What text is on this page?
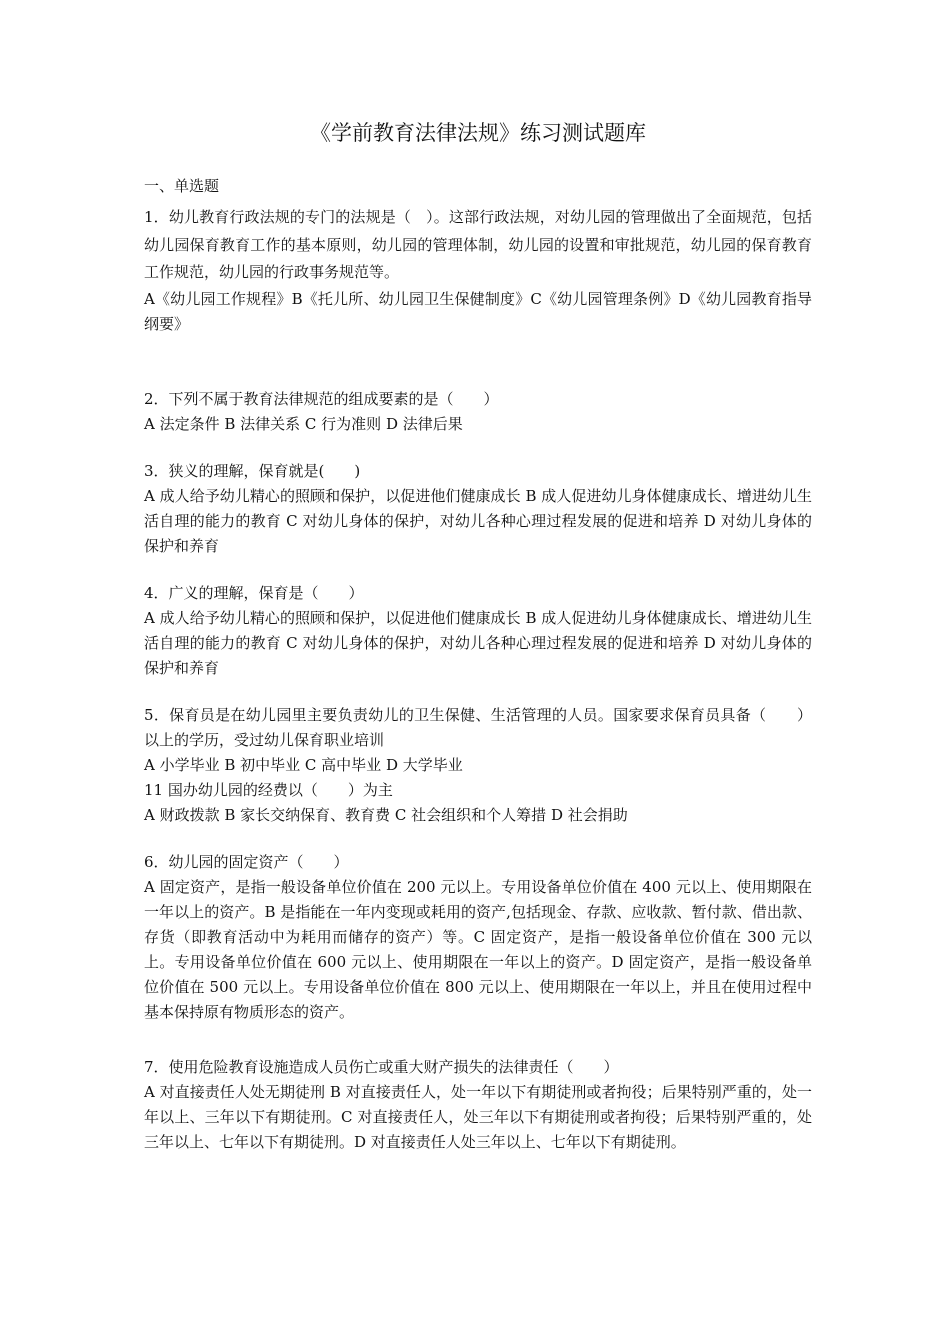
《学前教育法律法规》练习测试题库

一、单选题

1．幼儿教育行政法规的专门的法规是（　）。这部行政法规，对幼儿园的管理做出了全面规范，包括幼儿园保育教育工作的基本原则，幼儿园的管理体制，幼儿园的设置和审批规范，幼儿园的保育教育工作规范，幼儿园的行政事务规范等。

A《幼儿园工作规程》B《托儿所、幼儿园卫生保健制度》C《幼儿园管理条例》D《幼儿园教育指导纲要》

2．下列不属于教育法律规范的组成要素的是（　　）

A 法定条件 B 法律关系 C 行为准则 D 法律后果

3．狭义的理解，保育就是(　　)

A 成人给予幼儿精心的照顾和保护，以促进他们健康成长 B 成人促进幼儿身体健康成长、增进幼儿生活自理的能力的教育 C 对幼儿身体的保护，对幼儿各种心理过程发展的促进和培养 D 对幼儿身体的保护和养育

4．广义的理解，保育是（　　）

A 成人给予幼儿精心的照顾和保护，以促进他们健康成长 B 成人促进幼儿身体健康成长、增进幼儿生活自理的能力的教育 C 对幼儿身体的保护，对幼儿各种心理过程发展的促进和培养 D 对幼儿身体的保护和养育

5．保育员是在幼儿园里主要负责幼儿的卫生保健、生活管理的人员。国家要求保育员具备（　　）以上的学历，受过幼儿保育职业培训

A 小学毕业 B 初中毕业 C 高中毕业 D 大学毕业

11 国办幼儿园的经费以（　　）为主

A 财政拨款 B 家长交纳保育、教育费 C 社会组织和个人筹措 D 社会捐助

6．幼儿园的固定资产（　　）

A 固定资产，是指一般设备单位价值在 200 元以上。专用设备单位价值在 400 元以上、使用期限在一年以上的资产。B 是指能在一年内变现或耗用的资产,包括现金、存款、应收款、暂付款、借出款、存货（即教育活动中为耗用而储存的资产）等。C 固定资产，是指一般设备单位价值在 300 元以上。专用设备单位价值在 600 元以上、使用期限在一年以上的资产。D 固定资产，是指一般设备单位价值在 500 元以上。专用设备单位价值在 800 元以上、使用期限在一年以上，并且在使用过程中基本保持原有物质形态的资产。

7．使用危险教育设施造成人员伤亡或重大财产损失的法律责任（　　）

A 对直接责任人处无期徒刑 B 对直接责任人，处一年以下有期徒刑或者拘役；后果特别严重的，处一年以上、三年以下有期徒刑。C 对直接责任人，处三年以下有期徒刑或者拘役；后果特别严重的，处三年以上、七年以下有期徒刑。D 对直接责任人处三年以上、七年以下有期徒刑。
